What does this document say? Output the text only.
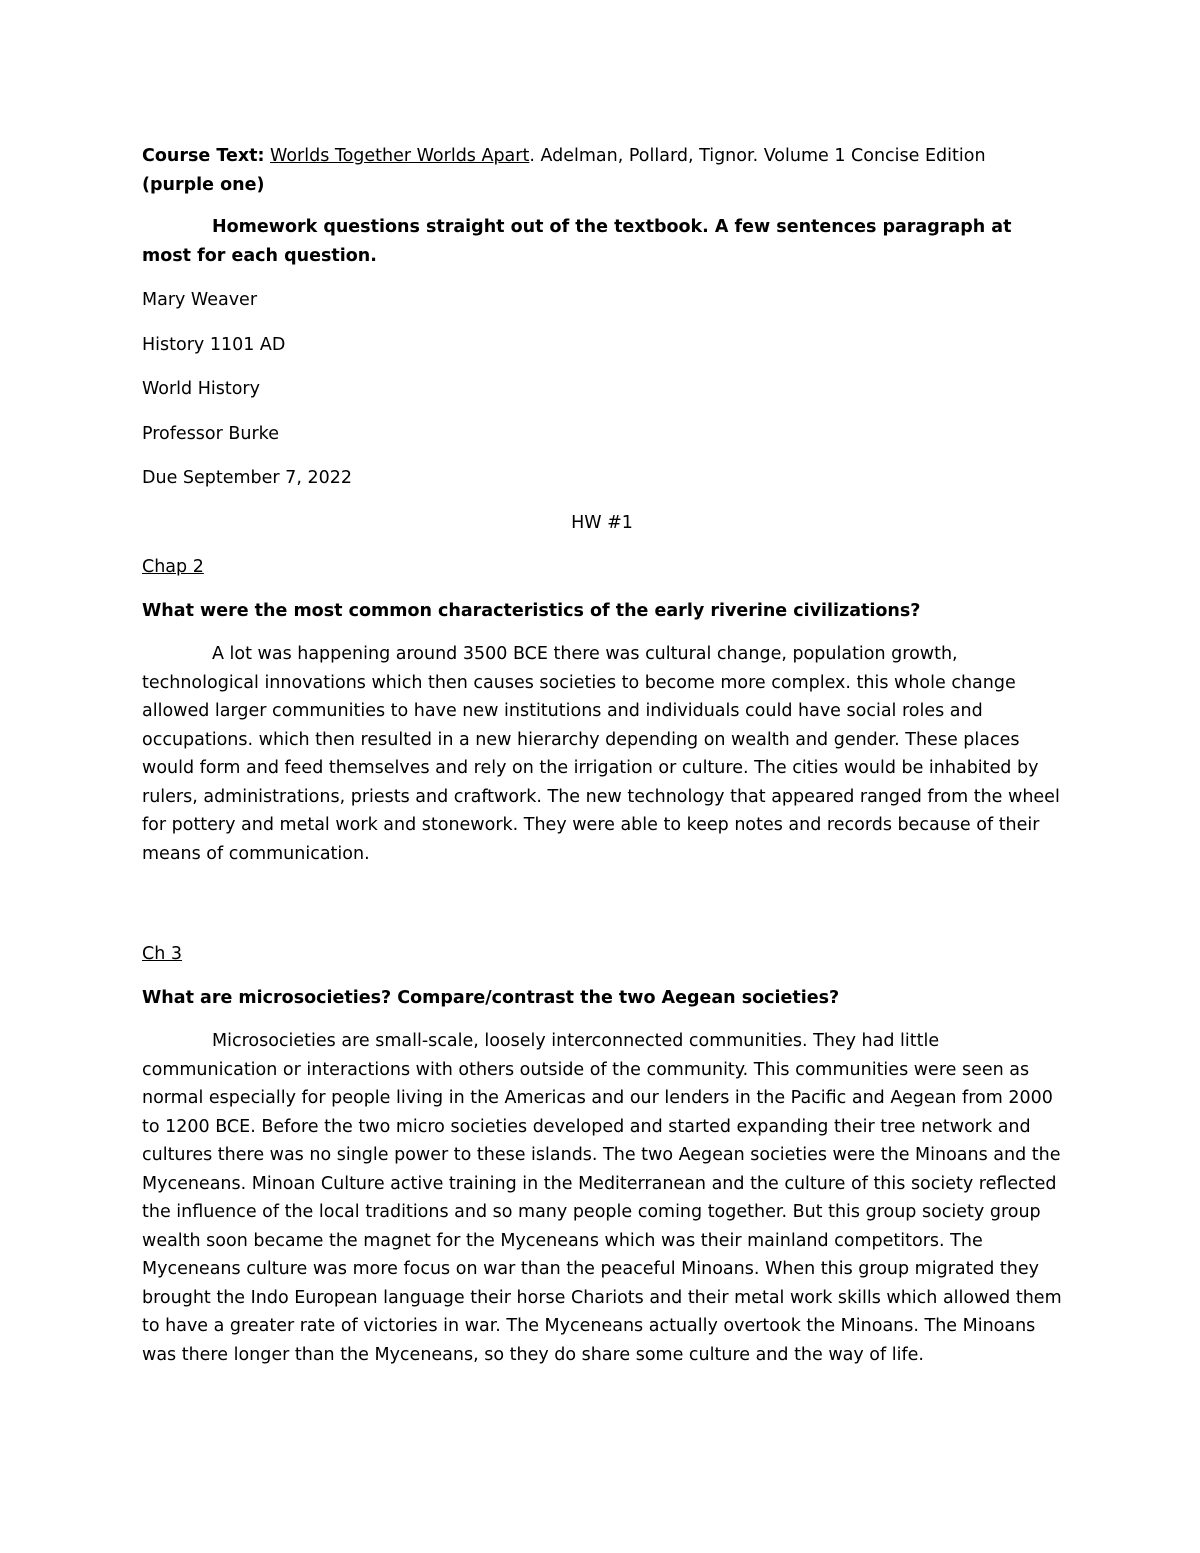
Course Text: Worlds Together Worlds Apart. Adelman, Pollard, Tignor. Volume 1 Concise Edition (purple one)

Homework questions straight out of the textbook. A few sentences paragraph at most for each question.

Mary Weaver

History 1101 AD

World History

Professor Burke

Due September 7, 2022

HW #1

Chap 2

What were the most common characteristics of the early riverine civilizations?

A lot was happening around 3500 BCE there was cultural change, population growth, technological innovations which then causes societies to become more complex. this whole change allowed larger communities to have new institutions and individuals could have social roles and occupations. which then resulted in a new hierarchy depending on wealth and gender. These places would form and feed themselves and rely on the irrigation or culture. The cities would be inhabited by rulers, administrations, priests and craftwork. The new technology that appeared ranged from the wheel for pottery and metal work and stonework. They were able to keep notes and records because of their means of communication.

Ch 3

What are microsocieties? Compare/contrast the two Aegean societies?

Microsocieties are small-scale, loosely interconnected communities. They had little communication or interactions with others outside of the community. This communities were seen as normal especially for people living in the Americas and our lenders in the Pacific and Aegean from 2000 to 1200 BCE. Before the two micro societies developed and started expanding their tree network and cultures there was no single power to these islands. The two Aegean societies were the Minoans and the Myceneans. Minoan Culture active training in the Mediterranean and the culture of this society reflected the influence of the local traditions and so many people coming together. But this group society group wealth soon became the magnet for the Myceneans which was their mainland competitors. The Myceneans culture was more focus on war than the peaceful Minoans. When this group migrated they brought the Indo European language their horse Chariots and their metal work skills which allowed them to have a greater rate of victories in war. The Myceneans actually overtook the Minoans. The Minoans was there longer than the Myceneans, so they do share some culture and the way of life.
